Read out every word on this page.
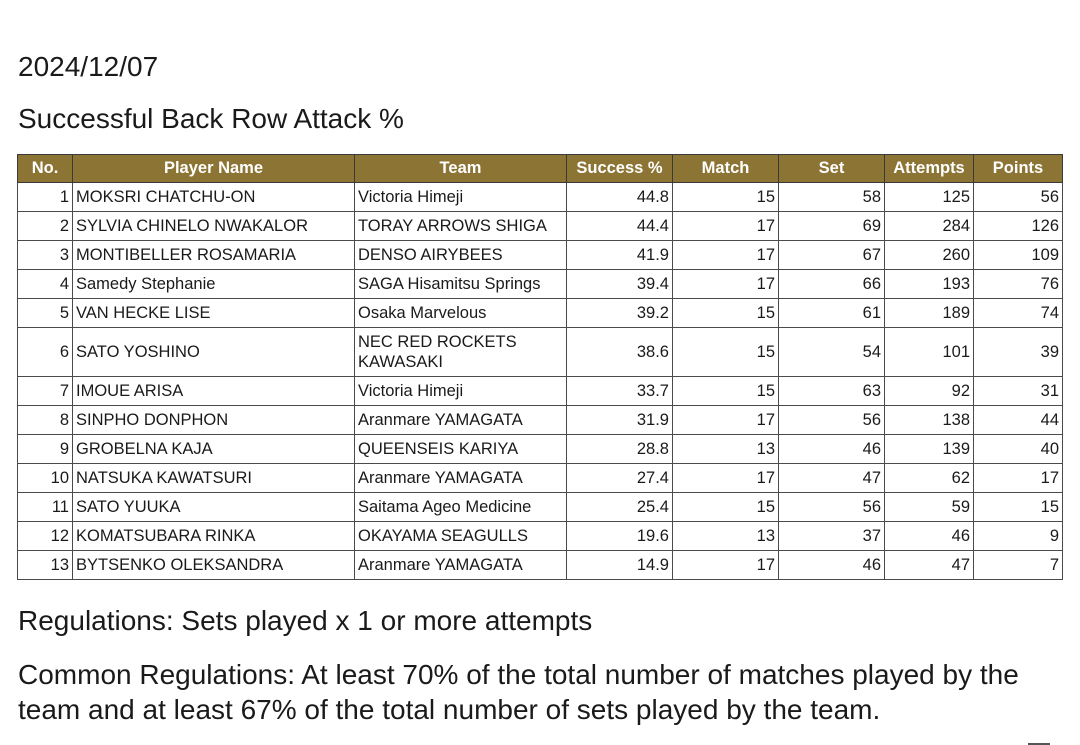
2024/12/07
Successful Back Row Attack %
No.	Player Name	Team	Success %	Match	Set	Attempts	Points
1	MOKSRI CHATCHU-ON	Victoria Himeji	44.8	15	58	125	56
2	SYLVIA CHINELO NWAKALOR	TORAY ARROWS SHIGA	44.4	17	69	284	126
3	MONTIBELLER ROSAMARIA	DENSO AIRYBEES	41.9	17	67	260	109
4	Samedy Stephanie	SAGA Hisamitsu Springs	39.4	17	66	193	76
5	VAN HECKE LISE	Osaka Marvelous	39.2	15	61	189	74
6	SATO YOSHINO	NEC RED ROCKETS KAWASAKI	38.6	15	54	101	39
7	IMOUE ARISA	Victoria Himeji	33.7	15	63	92	31
8	SINPHO DONPHON	Aranmare YAMAGATA	31.9	17	56	138	44
9	GROBELNA KAJA	QUEENSEIS KARIYA	28.8	13	46	139	40
10	NATSUKA KAWATSURI	Aranmare YAMAGATA	27.4	17	47	62	17
11	SATO YUUKA	Saitama Ageo Medicine	25.4	15	56	59	15
12	KOMATSUBARA RINKA	OKAYAMA SEAGULLS	19.6	13	37	46	9
13	BYTSENKO OLEKSANDRA	Aranmare YAMAGATA	14.9	17	46	47	7
Regulations: Sets played x 1 or more attempts
Common Regulations: At least 70% of the total number of matches played by the team and at least 67% of the total number of sets played by the team.
